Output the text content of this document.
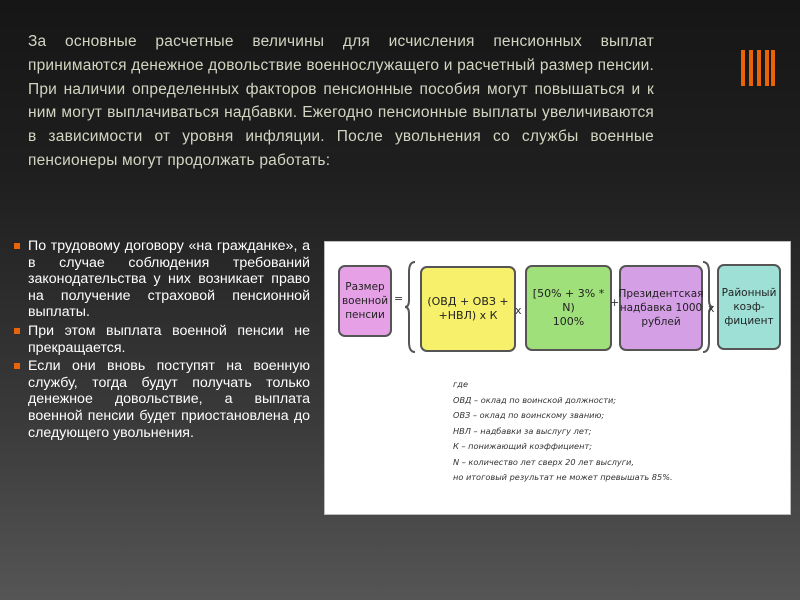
За основные расчетные величины для исчисления пенсионных выплат принимаются денежное довольствие военнослужащего и расчетный размер пенсии. При наличии определенных факторов пенсионные пособия могут повышаться и к ним могут выплачиваться надбавки. Ежегодно пенсионные выплаты увеличиваются в зависимости от уровня инфляции. После увольнения со службы военные пенсионеры могут продолжать работать:

По трудовому договору «на гражданке», а в случае соблюдения требований законодательства у них возникает право на получение страховой пенсионной выплаты.
При этом выплата военной пенсии не прекращается.
Если они вновь поступят на военную службу, тогда будут получать только денежное довольствие, а выплата военной пенсии будет приостановлена до следующего увольнения.
Размер
военной
пенсии
= (ОВД + ОВЗ +
+НВЛ) х К	x
[50% + 3% * N)
100%
+
Президентская
надбавка 1000
рублей
x
Районный
коэф-
фициент

где
ОВД – оклад по воинской должности;
ОВЗ – оклад по воинскому званию;
НВЛ – надбавки за выслугу лет;
К – понижающий коэффициент;
N – количество лет сверх 20 лет выслуги,
но итоговый результат не может превышать 85%.
